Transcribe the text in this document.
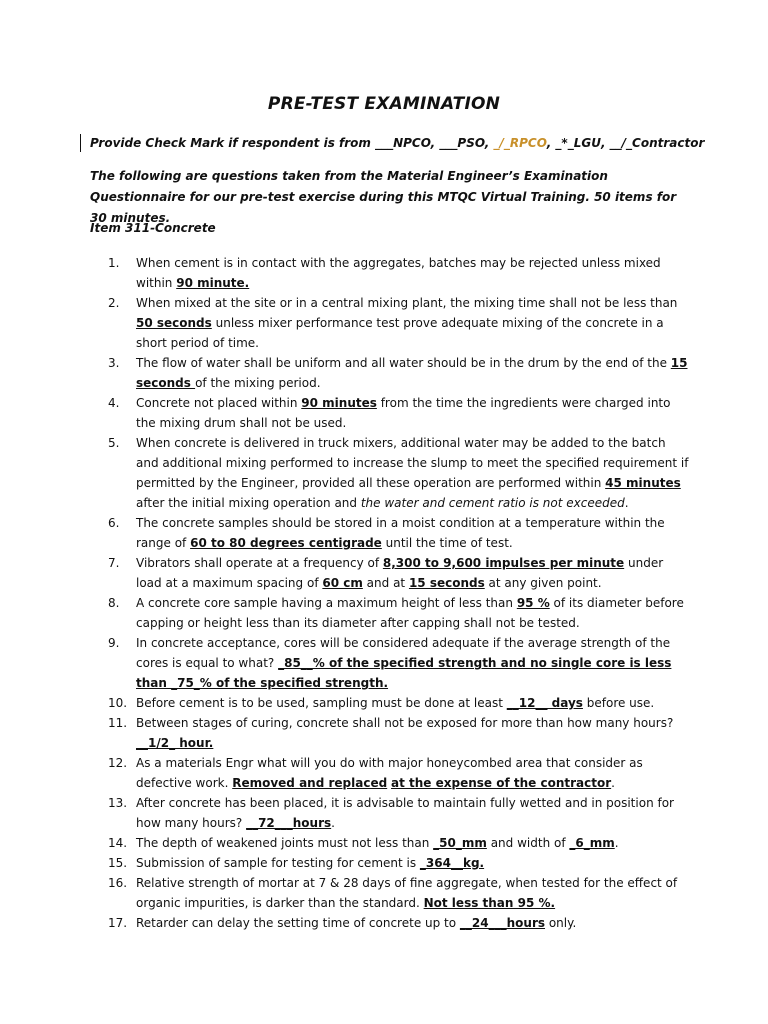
PRE-TEST EXAMINATION
Provide Check Mark if respondent is from ___NPCO, ___PSO, _/_RPCO, _*_LGU, __/_Contractor
The following are questions taken from the Material Engineer’s Examination Questionnaire for our pre-test exercise during this MTQC Virtual Training. 50 items for 30 minutes.
Item 311-Concrete
1. When cement is in contact with the aggregates, batches may be rejected unless mixed within 90 minute.
2. When mixed at the site or in a central mixing plant, the mixing time shall not be less than 50 seconds unless mixer performance test prove adequate mixing of the concrete in a short period of time.
3. The flow of water shall be uniform and all water should be in the drum by the end of the 15 seconds of the mixing period.
4. Concrete not placed within 90 minutes from the time the ingredients were charged into the mixing drum shall not be used.
5. When concrete is delivered in truck mixers, additional water may be added to the batch and additional mixing performed to increase the slump to meet the specified requirement if permitted by the Engineer, provided all these operation are performed within 45 minutes after the initial mixing operation and the water and cement ratio is not exceeded.
6. The concrete samples should be stored in a moist condition at a temperature within the range of 60 to 80 degrees centigrade until the time of test.
7. Vibrators shall operate at a frequency of 8,300 to 9,600 impulses per minute under load at a maximum spacing of 60 cm and at 15 seconds at any given point.
8. A concrete core sample having a maximum height of less than 95 % of its diameter before capping or height less than its diameter after capping shall not be tested.
9. In concrete acceptance, cores will be considered adequate if the average strength of the cores is equal to what? _85__% of the specified strength and no single core is less than _75_% of the specified strength.
10. Before cement is to be used, sampling must be done at least __12__ days before use.
11. Between stages of curing, concrete shall not be exposed for more than how many hours? __1/2_ hour.
12. As a materials Engr what will you do with major honeycombed area that consider as defective work. Removed and replaced at the expense of the contractor.
13. After concrete has been placed, it is advisable to maintain fully wetted and in position for how many hours? __72___hours.
14. The depth of weakened joints must not less than _50_mm and width of _6_mm.
15. Submission of sample for testing for cement is _364__kg.
16. Relative strength of mortar at 7 & 28 days of fine aggregate, when tested for the effect of organic impurities, is darker than the standard. Not less than 95 %.
17. Retarder can delay the setting time of concrete up to __24___hours only.
